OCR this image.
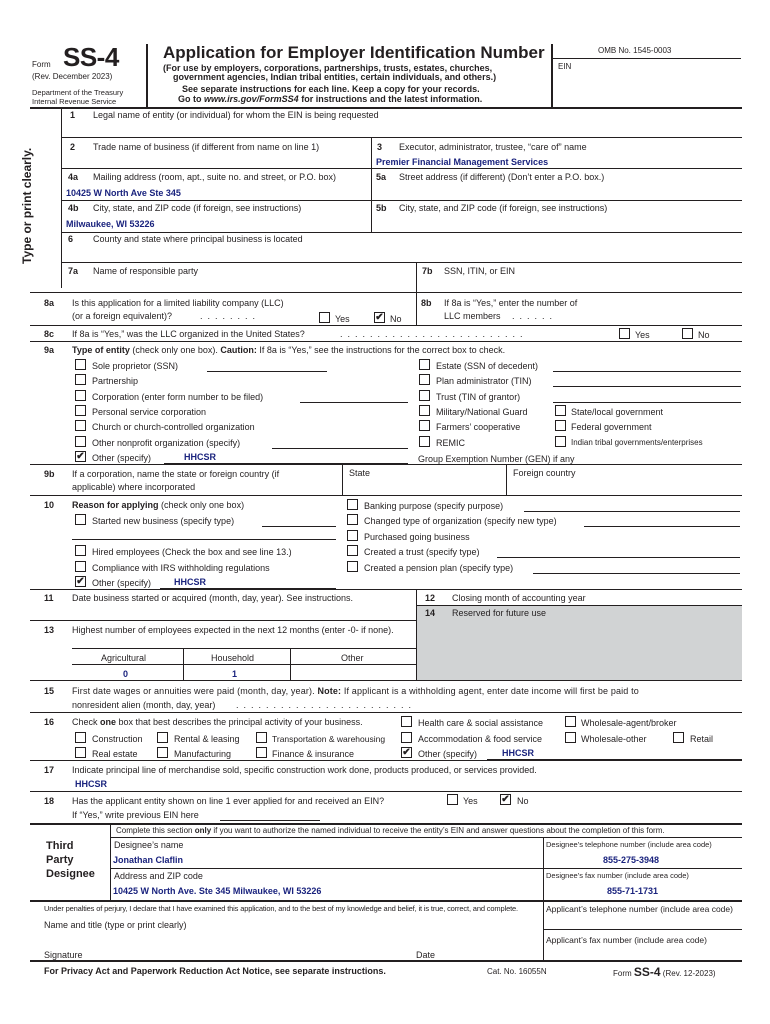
Form SS-4
(Rev. December 2023)
Department of the Treasury
Internal Revenue Service
Application for Employer Identification Number
(For use by employers, corporations, partnerships, trusts, estates, churches,
government agencies, Indian tribal entities, certain individuals, and others.)
See separate instructions for each line. Keep a copy for your records.
Go to www.irs.gov/FormSS4 for instructions and the latest information.
OMB No. 1545-0003
EIN
Type or print clearly.
1 Legal name of entity (or individual) for whom the EIN is being requested
2 Trade name of business (if different from name on line 1)	3 Executor, administrator, trustee, “care of” name
Premier Financial Management Services
4a Mailing address (room, apt., suite no. and street, or P.O. box)
10425 W North Ave Ste 345
5a Street address (if different) (Don’t enter a P.O. box.)
4b City, state, and ZIP code (if foreign, see instructions)
Milwaukee, WI 53226
5b City, state, and ZIP code (if foreign, see instructions)
6 County and state where principal business is located
7a Name of responsible party	7b SSN, ITIN, or EIN
8a Is this application for a limited liability company (LLC)
(or a foreign equivalent)?	........	Yes	✔ No
8b If 8a is “Yes,” enter the number of
LLC members ......
8c If 8a is “Yes,” was the LLC organized in the United States?	.........................	Yes	No
9a Type of entity (check only one box). Caution: If 8a is “Yes,” see the instructions for the correct box to check.
Sole proprietor (SSN)
Partnership
Corporation (enter form number to be filed)
Personal service corporation
Church or church-controlled organization
Other nonprofit organization (specify)
✔ Other (specify)	HHCSR
Estate (SSN of decedent)
Plan administrator (TIN)
Trust (TIN of grantor)
Military/National Guard	State/local government
Farmers’ cooperative	Federal government
REMIC	Indian tribal governments/enterprises
Group Exemption Number (GEN) if any
9b If a corporation, name the state or foreign country (if
applicable) where incorporated
State	Foreign country
10 Reason for applying (check only one box)
Started new business (specify type)
Hired employees (Check the box and see line 13.)
Compliance with IRS withholding regulations
✔ Other (specify)	HHCSR
Banking purpose (specify purpose)
Changed type of organization (specify new type)
Purchased going business
Created a trust (specify type)
Created a pension plan (specify type)
11 Date business started or acquired (month, day, year). See instructions.	12 Closing month of accounting year
14 Reserved for future use
13 Highest number of employees expected in the next 12 months (enter -0- if none).
Agricultural
0
Household
1
Other
15 First date wages or annuities were paid (month, day, year). Note: If applicant is a withholding agent, enter date income will first be paid to
nonresident alien (month, day, year) ........................
16 Check one box that best describes the principal activity of your business.	Health care & social assistance	Wholesale-agent/broker
Construction	Rental & leasing	Transportation & warehousing	Accommodation & food service	Wholesale-other	Retail
Real estate	Manufacturing	Finance & insurance	✔ Other (specify)	HHCSR
17 Indicate principal line of merchandise sold, specific construction work done, products produced, or services provided.
HHCSR
18 Has the applicant entity shown on line 1 ever applied for and received an EIN?	Yes ✔ No
If “Yes,” write previous EIN here
Complete this section only if you want to authorize the named individual to receive the entity’s EIN and answer questions about the completion of this form.
Third
Party
Designee
Designee’s name
Jonathan Claflin
Designee’s telephone number (include area code)
855-275-3948
Address and ZIP code
10425 W North Ave. Ste 345 Milwaukee, WI 53226
Designee’s fax number (include area code)
855-71-1731
Under penalties of perjury, I declare that I have examined this application, and to the best of my knowledge and belief, it is true, correct, and complete.	Applicant’s telephone number (include area code)
Name and title (type or print clearly)
Applicant’s fax number (include area code)
Signature	Date
For Privacy Act and Paperwork Reduction Act Notice, see separate instructions.	Cat. No. 16055N	Form SS-4 (Rev. 12-2023)
